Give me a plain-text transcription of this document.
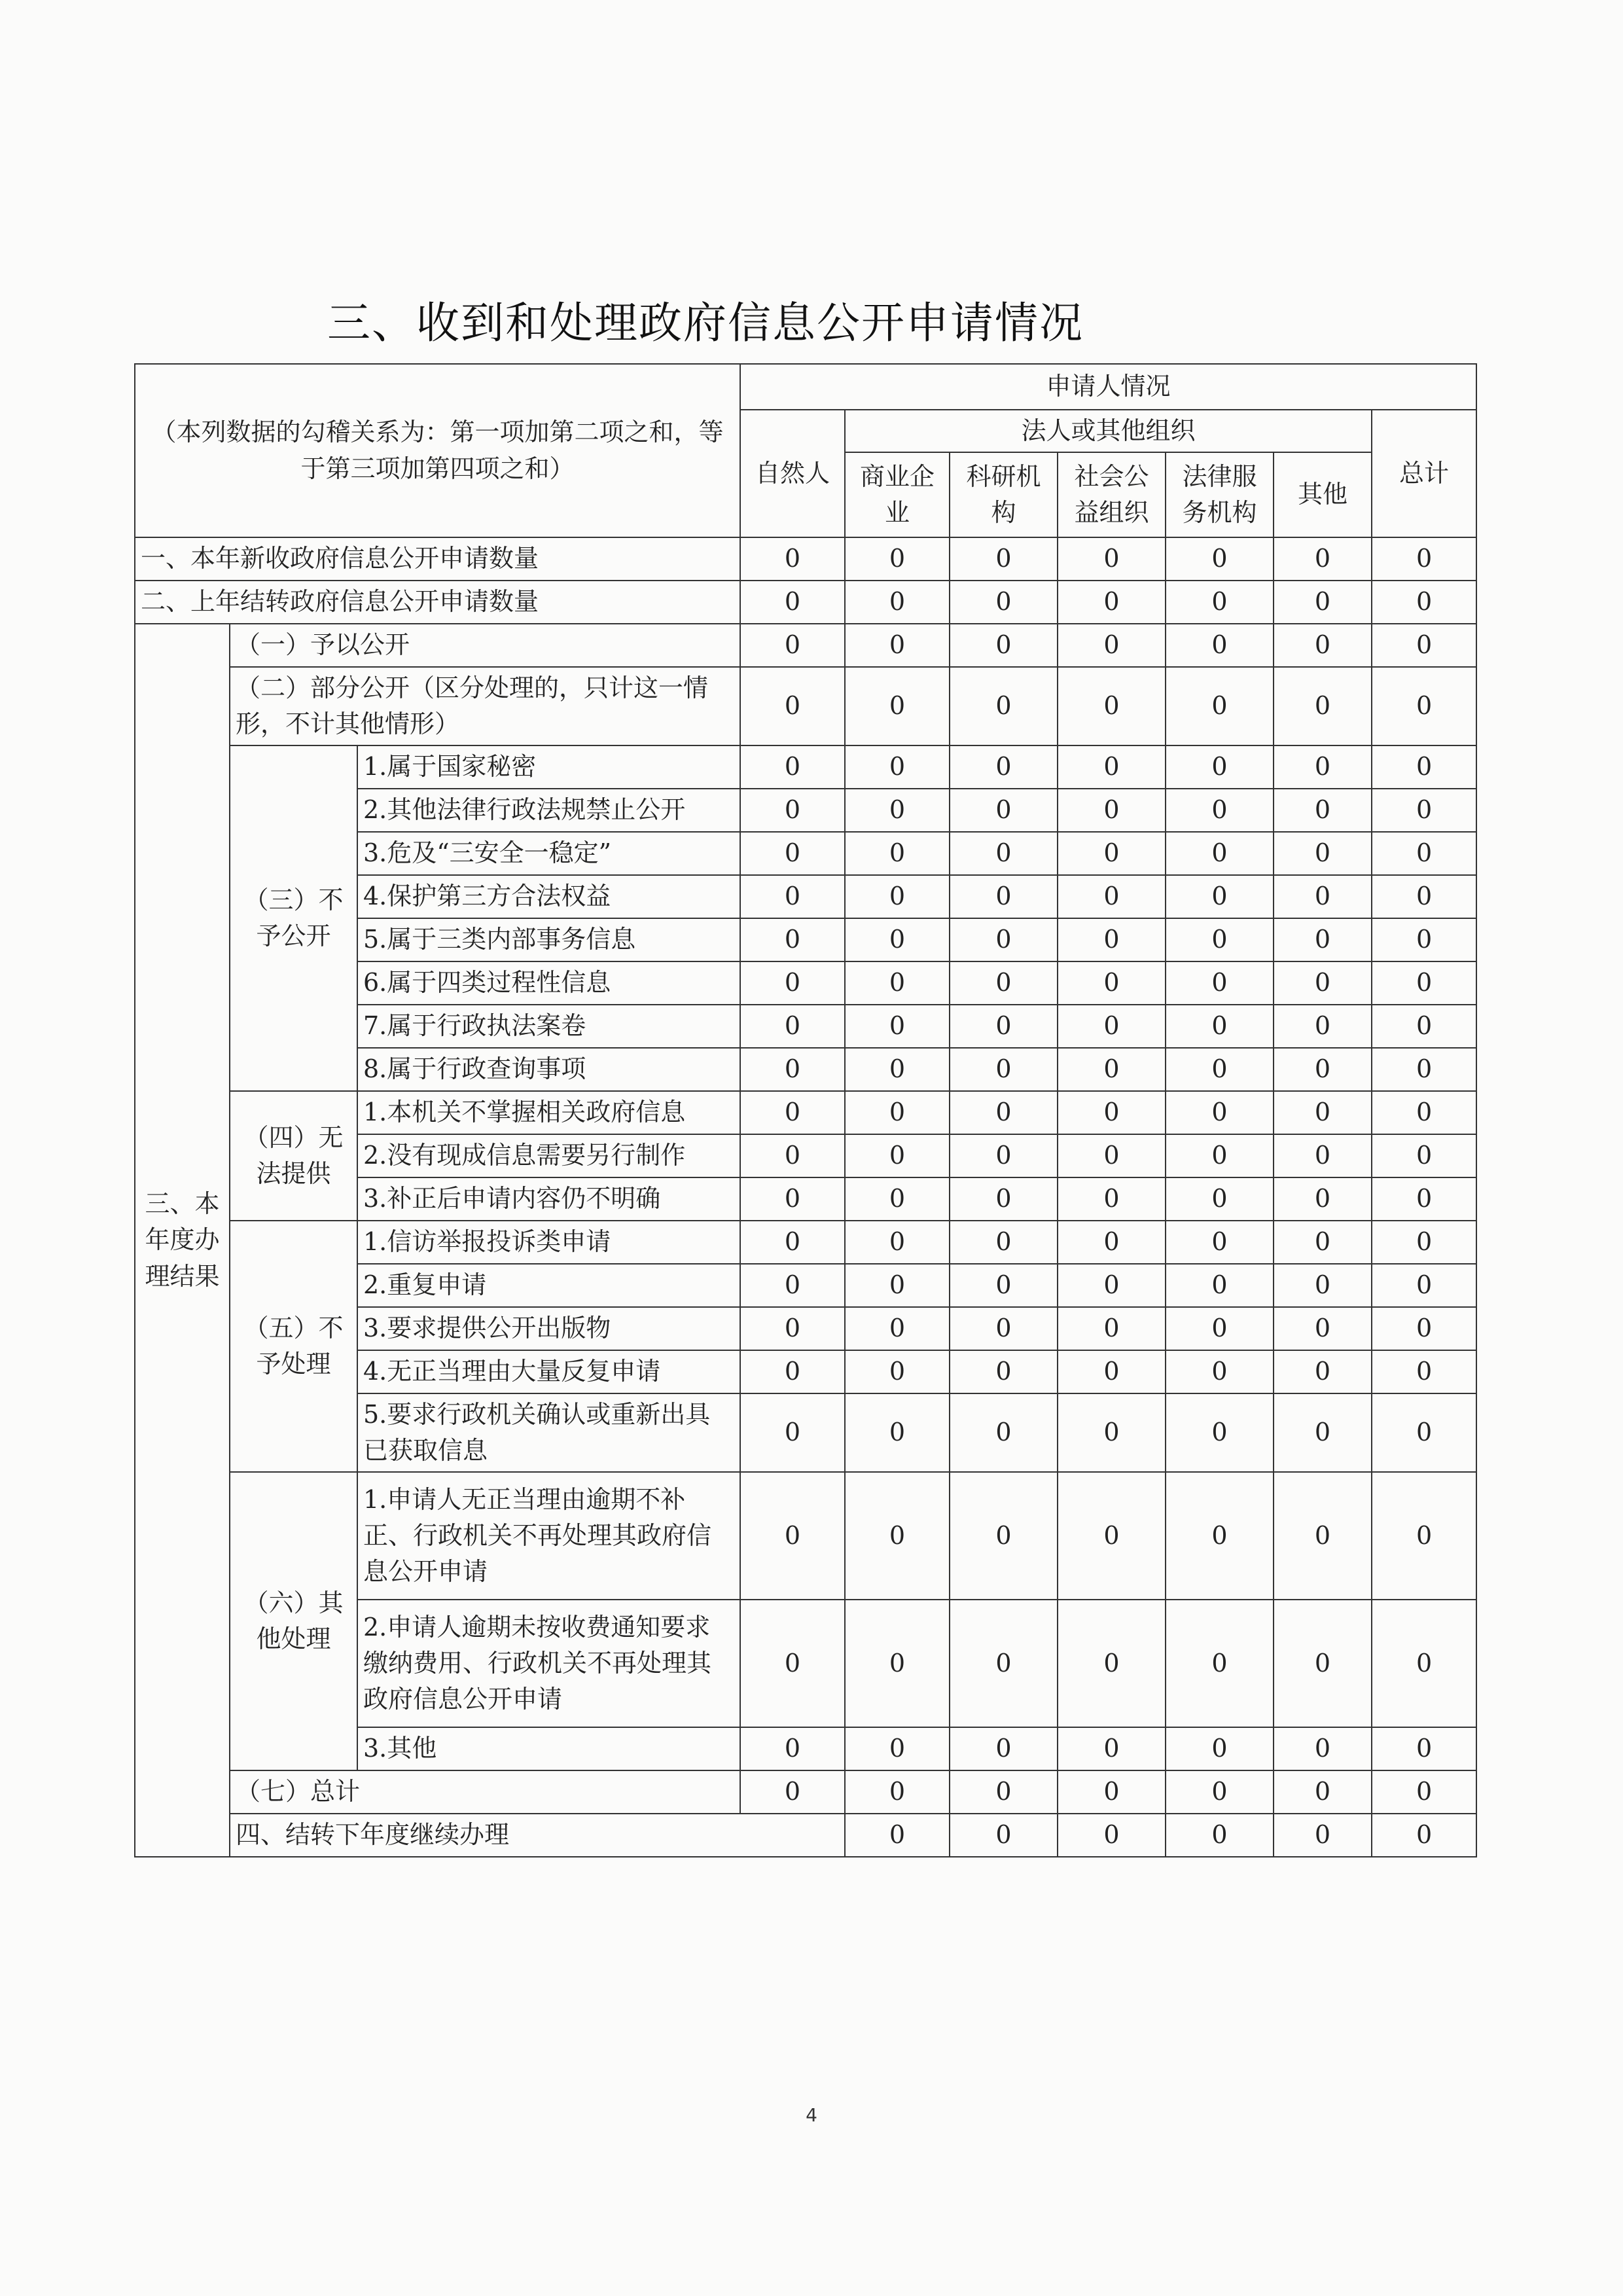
三、收到和处理政府信息公开申请情况
（本列数据的勾稽关系为：第一项加第二项之和，等于第三项加第四项之和）			申请人情况							
			自然人	法人或其他组织					总计	
				商业企业	科研机构	社会公益组织	法律服务机构	其他		
一、本年新收政府信息公开申请数量			0	0	0	0	0	0	0	
二、上年结转政府信息公开申请数量			0	0	0	0	0	0	0	
三、本年度办理结果	（一）予以公开		0	0	0	0	0	0	0	
	（二）部分公开（区分处理的，只计这一情形，不计其他情形）		0	0	0	0	0	0	0	
	（三）不予公开	1.属于国家秘密	0	0	0	0	0	0	0	
		2.其他法律行政法规禁止公开	0	0	0	0	0	0	0	
		3.危及“三安全一稳定”	0	0	0	0	0	0	0	
		4.保护第三方合法权益	0	0	0	0	0	0	0	
		5.属于三类内部事务信息	0	0	0	0	0	0	0	
		6.属于四类过程性信息	0	0	0	0	0	0	0	
		7.属于行政执法案卷	0	0	0	0	0	0	0	
		8.属于行政查询事项	0	0	0	0	0	0	0	
	（四）无法提供	1.本机关不掌握相关政府信息	0	0	0	0	0	0	0	
		2.没有现成信息需要另行制作	0	0	0	0	0	0	0	
		3.补正后申请内容仍不明确	0	0	0	0	0	0	0	
	（五）不予处理	1.信访举报投诉类申请	0	0	0	0	0	0	0	
		2.重复申请	0	0	0	0	0	0	0	
		3.要求提供公开出版物	0	0	0	0	0	0	0	
		4.无正当理由大量反复申请	0	0	0	0	0	0	0	
		5.要求行政机关确认或重新出具已获取信息	0	0	0	0	0	0	0	
	（六）其他处理	1.申请人无正当理由逾期不补正、行政机关不再处理其政府信息公开申请	0	0	0	0	0	0	0	
		2.申请人逾期未按收费通知要求缴纳费用、行政机关不再处理其政府信息公开申请	0	0	0	0	0	0	0	
		3.其他	0	0	0	0	0	0	0	
	（七）总计		0	0	0	0	0	0	0	
	四、结转下年度继续办理			0	0	0	0	0	0	
4
